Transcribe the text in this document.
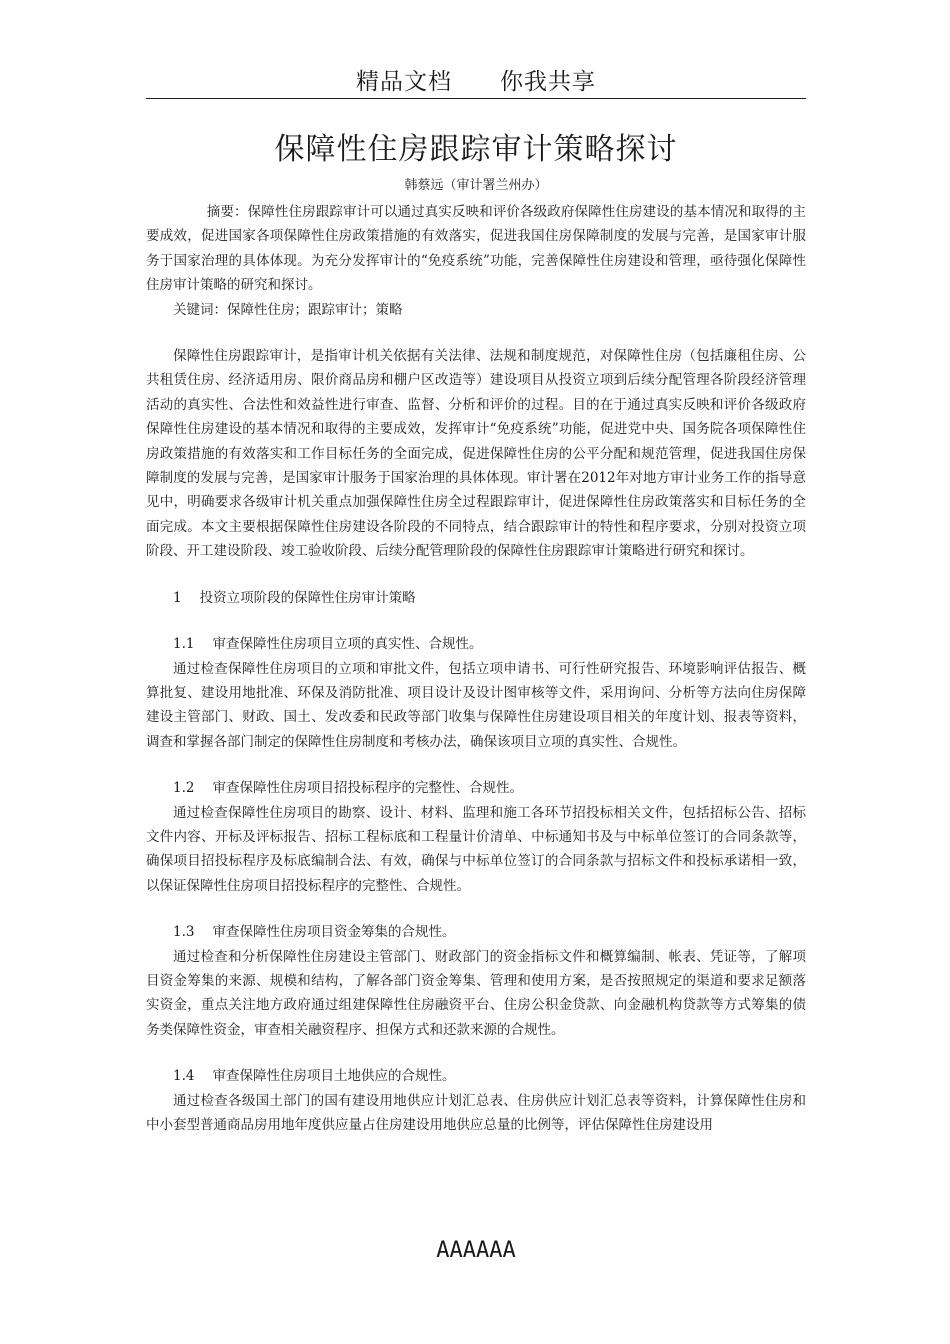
精品文档 你我共享
保障性住房跟踪审计策略探讨
韩蔡远（审计署兰州办）

摘要：保障性住房跟踪审计可以通过真实反映和评价各级政府保障性住房建设的基本情况和取得的主要成效，促进国家各项保障性住房政策措施的有效落实，促进我国住房保障制度的发展与完善，是国家审计服务于国家治理的具体体现。为充分发挥审计的“免疫系统”功能，完善保障性住房建设和管理，亟待强化保障性住房审计策略的研究和探讨。

关键词：保障性住房；跟踪审计；策略

保障性住房跟踪审计，是指审计机关依据有关法律、法规和制度规范，对保障性住房（包括廉租住房、公共租赁住房、经济适用房、限价商品房和棚户区改造等）建设项目从投资立项到后续分配管理各阶段经济管理活动的真实性、合法性和效益性进行审查、监督、分析和评价的过程。目的在于通过真实反映和评价各级政府保障性住房建设的基本情况和取得的主要成效，发挥审计“免疫系统”功能，促进党中央、国务院各项保障性住房政策措施的有效落实和工作目标任务的全面完成，促进保障性住房的公平分配和规范管理，促进我国住房保障制度的发展与完善，是国家审计服务于国家治理的具体体现。审计署在2012年对地方审计业务工作的指导意见中，明确要求各级审计机关重点加强保障性住房全过程跟踪审计，促进保障性住房政策落实和目标任务的全面完成。本文主要根据保障性住房建设各阶段的不同特点，结合跟踪审计的特性和程序要求，分别对投资立项阶段、开工建设阶段、竣工验收阶段、后续分配管理阶段的保障性住房跟踪审计策略进行研究和探讨。

1 投资立项阶段的保障性住房审计策略

1.1 审查保障性住房项目立项的真实性、合规性。

通过检查保障性住房项目的立项和审批文件，包括立项申请书、可行性研究报告、环境影响评估报告、概算批复、建设用地批准、环保及消防批准、项目设计及设计图审核等文件，采用询问、分析等方法向住房保障建设主管部门、财政、国土、发改委和民政等部门收集与保障性住房建设项目相关的年度计划、报表等资料，调查和掌握各部门制定的保障性住房制度和考核办法，确保该项目立项的真实性、合规性。

1.2 审查保障性住房项目招投标程序的完整性、合规性。

通过检查保障性住房项目的勘察、设计、材料、监理和施工各环节招投标相关文件，包括招标公告、招标文件内容、开标及评标报告、招标工程标底和工程量计价清单、中标通知书及与中标单位签订的合同条款等，确保项目招投标程序及标底编制合法、有效，确保与中标单位签订的合同条款与招标文件和投标承诺相一致，以保证保障性住房项目招投标程序的完整性、合规性。

1.3 审查保障性住房项目资金筹集的合规性。

通过检查和分析保障性住房建设主管部门、财政部门的资金指标文件和概算编制、帐表、凭证等，了解项目资金筹集的来源、规模和结构，了解各部门资金筹集、管理和使用方案，是否按照规定的渠道和要求足额落实资金，重点关注地方政府通过组建保障性住房融资平台、住房公积金贷款、向金融机构贷款等方式筹集的债务类保障性资金，审查相关融资程序、担保方式和还款来源的合规性。

1.4 审查保障性住房项目土地供应的合规性。

通过检查各级国土部门的国有建设用地供应计划汇总表、住房供应计划汇总表等资料，计算保障性住房和中小套型普通商品房用地年度供应量占住房建设用地供应总量的比例等，评估保障性住房建设用

AAAAAA
